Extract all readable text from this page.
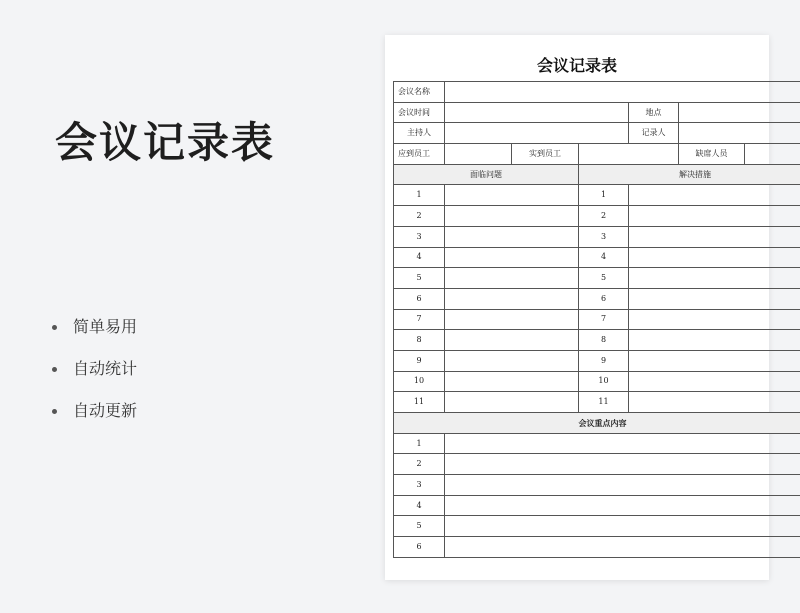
会议记录表
简单易用
自动统计
自动更新
会议记录表
会议名称						
会议时间				地点		
主持人				记录人		
应到员工		实到员工			缺席人员	
面临问题			解决措施			
1			1			
2			2			
3			3			
4			4			
5			5			
6			6			
7			7			
8			8			
9			9			
10			10			
11			11			
会议重点内容						
1						
2						
3						
4						
5						
6						
